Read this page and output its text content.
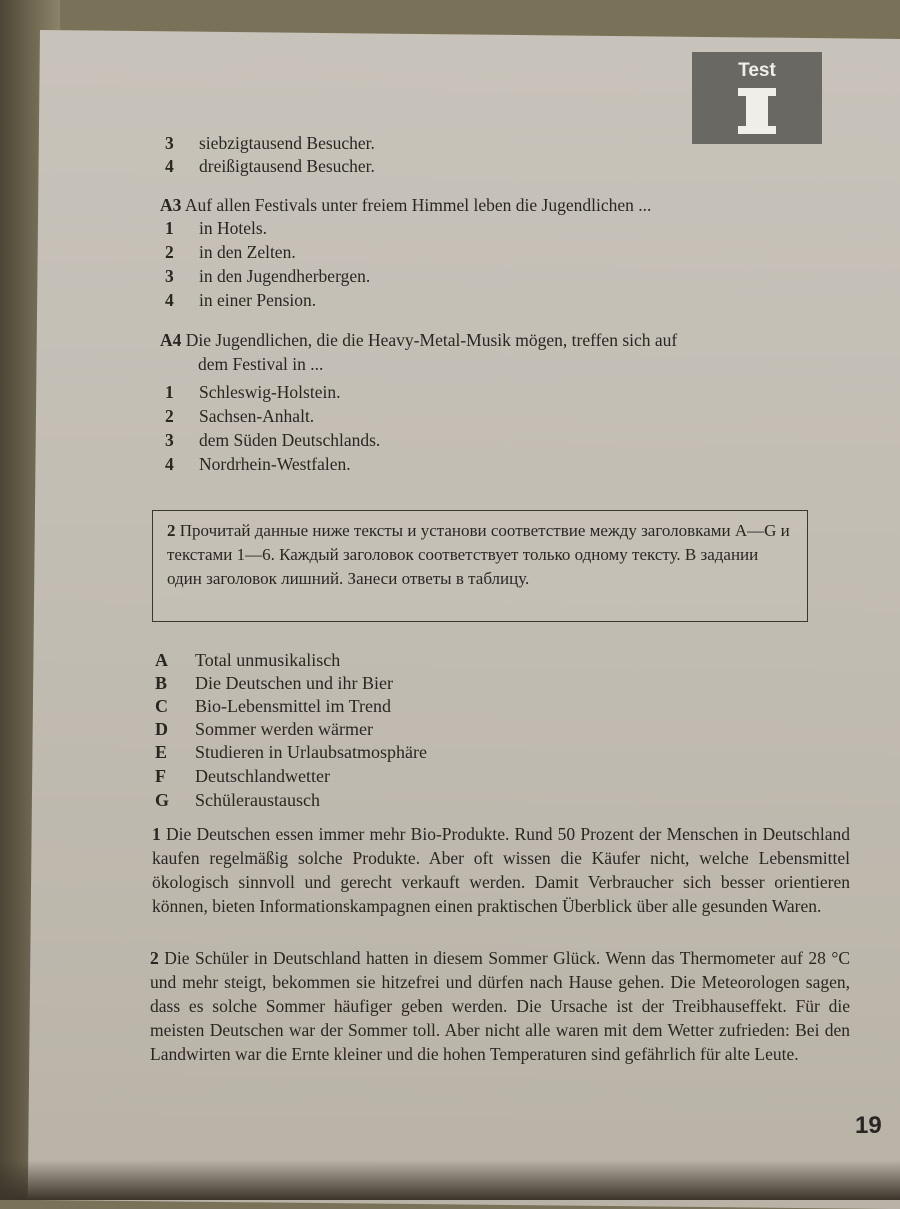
Test
3 siebzigtausend Besucher.
4 dreißigtausend Besucher.
A3 Auf allen Festivals unter freiem Himmel leben die Jugendlichen ...
1 in Hotels.
2 in den Zelten.
3 in den Jugendherbergen.
4 in einer Pension.
A4 Die Jugendlichen, die die Heavy-Metal-Musik mögen, treffen sich auf
dem Festival in ...
1 Schleswig-Holstein.
2 Sachsen-Anhalt.
3 dem Süden Deutschlands.
4 Nordrhein-Westfalen.
2 Прочитай данные ниже тексты и установи соответствие между заголовками A—G и текстами 1—6. Каждый заголовок соответствует только одному тексту. В задании один заголовок лишний. Занеси ответы в таблицу.
A Total unmusikalisch
B Die Deutschen und ihr Bier
C Bio-Lebensmittel im Trend
D Sommer werden wärmer
E Studieren in Urlaubsatmosphäre
F Deutschlandwetter
G Schüleraustausch
1 Die Deutschen essen immer mehr Bio-Produkte. Rund 50 Prozent der Menschen in Deutschland kaufen regelmäßig solche Produkte. Aber oft wissen die Käufer nicht, welche Lebensmittel ökologisch sinnvoll und gerecht verkauft werden. Damit Verbraucher sich besser orientieren können, bieten Informationskampagnen einen praktischen Überblick über alle gesunden Waren.
2 Die Schüler in Deutschland hatten in diesem Sommer Glück. Wenn das Thermometer auf 28 °C und mehr steigt, bekommen sie hitzefrei und dürfen nach Hause gehen. Die Meteorologen sagen, dass es solche Sommer häufiger geben werden. Die Ursache ist der Treibhauseffekt. Für die meisten Deutschen war der Sommer toll. Aber nicht alle waren mit dem Wetter zufrieden: Bei den Landwirten war die Ernte kleiner und die hohen Temperaturen sind gefährlich für alte Leute.
19
